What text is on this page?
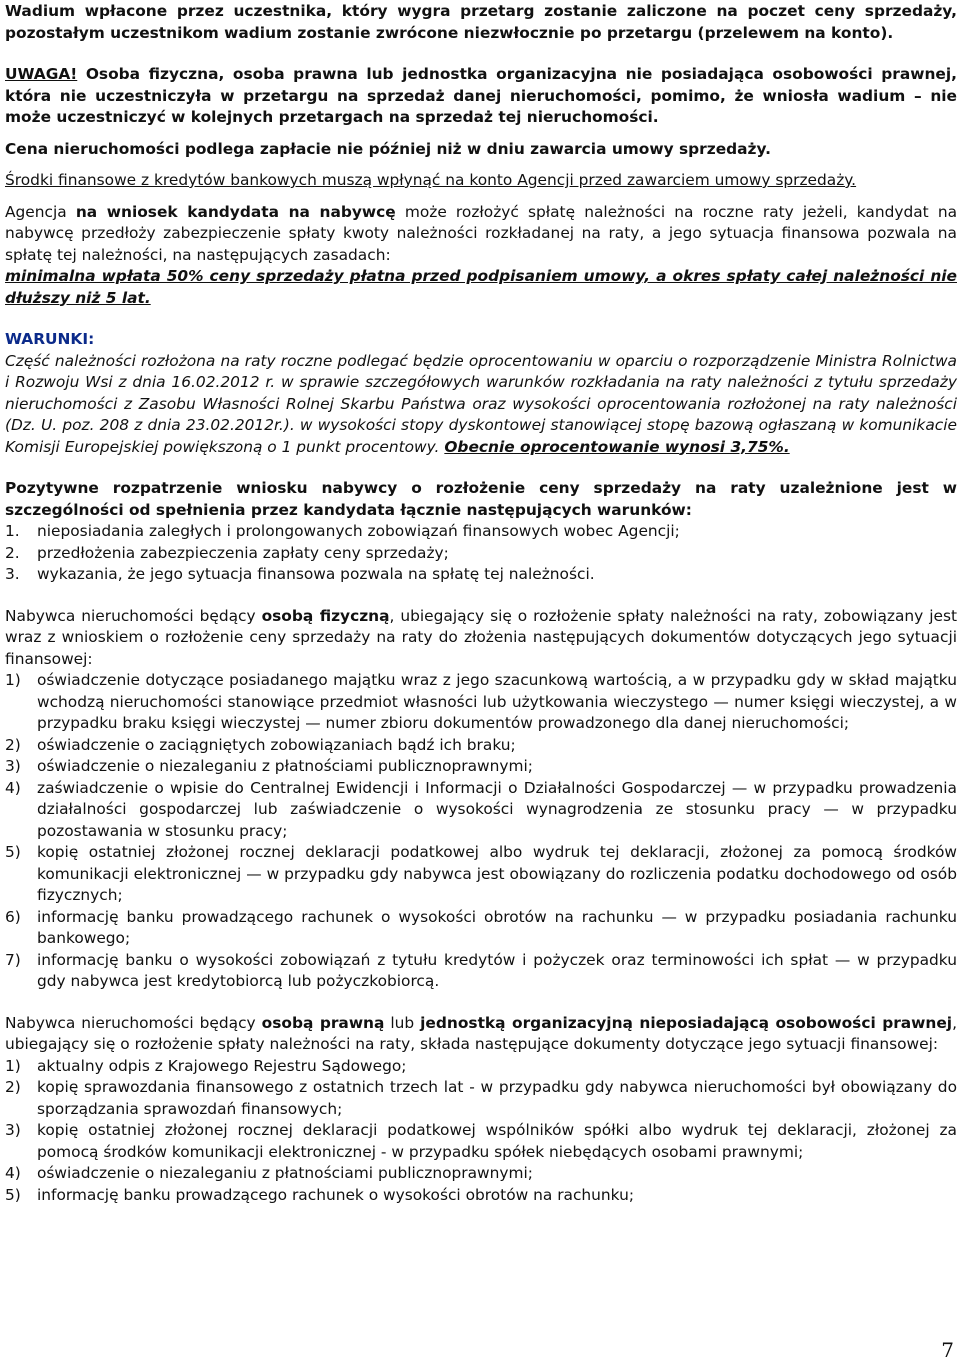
Wadium wpłacone przez uczestnika, który wygra przetarg zostanie zaliczone na poczet ceny sprzedaży, pozostałym uczestnikom wadium zostanie zwrócone niezwłocznie po przetargu (przelewem na konto).

UWAGA! Osoba fizyczna, osoba prawna lub jednostka organizacyjna nie posiadająca osobowości prawnej, która nie uczestniczyła w przetargu na sprzedaż danej nieruchomości, pomimo, że wniosła wadium – nie może uczestniczyć w kolejnych przetargach na sprzedaż tej nieruchomości.

Cena nieruchomości podlega zapłacie nie później niż w dniu zawarcia umowy sprzedaży.

Środki finansowe z kredytów bankowych muszą wpłynąć na konto Agencji przed zawarciem umowy sprzedaży.

Agencja na wniosek kandydata na nabywcę może rozłożyć spłatę należności na roczne raty jeżeli, kandydat na nabywcę przedłoży zabezpieczenie spłaty kwoty należności rozkładanej na raty, a jego sytuacja finansowa pozwala na spłatę tej należności, na następujących zasadach:

minimalna wpłata 50% ceny sprzedaży płatna przed podpisaniem umowy, a okres spłaty całej należności nie dłuższy niż 5 lat.

WARUNKI:

Część należności rozłożona na raty roczne podlegać będzie oprocentowaniu w oparciu o rozporządzenie Ministra Rolnictwa i Rozwoju Wsi z dnia 16.02.2012 r. w sprawie szczegółowych warunków rozkładania na raty należności z tytułu sprzedaży nieruchomości z Zasobu Własności Rolnej Skarbu Państwa oraz wysokości oprocentowania rozłożonej na raty należności (Dz. U. poz. 208 z dnia 23.02.2012r.). w wysokości stopy dyskontowej stanowiącej stopę bazową ogłaszaną w komunikacie Komisji Europejskiej powiększoną o 1 punkt procentowy. Obecnie oprocentowanie wynosi 3,75%.

Pozytywne rozpatrzenie wniosku nabywcy o rozłożenie ceny sprzedaży na raty uzależnione jest w szczególności od spełnienia przez kandydata łącznie następujących warunków:

1.	nieposiadania zaległych i prolongowanych zobowiązań finansowych wobec Agencji;
2.	przedłożenia zabezpieczenia zapłaty ceny sprzedaży;
3.	wykazania, że jego sytuacja finansowa pozwala na spłatę tej należności.

Nabywca nieruchomości będący osobą fizyczną, ubiegający się o rozłożenie spłaty należności na raty, zobowiązany jest wraz z wnioskiem o rozłożenie ceny sprzedaży na raty do złożenia następujących dokumentów dotyczących jego sytuacji finansowej:

1) oświadczenie dotyczące posiadanego majątku wraz z jego szacunkową wartością, a w przypadku gdy w skład majątku wchodzą nieruchomości stanowiące przedmiot własności lub użytkowania wieczystego — numer księgi wieczystej, a w przypadku braku księgi wieczystej — numer zbioru dokumentów prowadzonego dla danej nieruchomości;

2) oświadczenie o zaciągniętych zobowiązaniach bądź ich braku;

3) oświadczenie o niezaleganiu z płatnościami publicznoprawnymi;

4) zaświadczenie o wpisie do Centralnej Ewidencji i Informacji o Działalności Gospodarczej — w przypadku prowadzenia działalności gospodarczej lub zaświadczenie o wysokości wynagrodzenia ze stosunku pracy — w przypadku pozostawania w stosunku pracy;

5) kopię ostatniej złożonej rocznej deklaracji podatkowej albo wydruk tej deklaracji, złożonej za pomocą środków komunikacji elektronicznej — w przypadku gdy nabywca jest obowiązany do rozliczenia podatku dochodowego od osób fizycznych;

6) informację banku prowadzącego rachunek o wysokości obrotów na rachunku — w przypadku posiadania rachunku bankowego;

7) informację banku o wysokości zobowiązań z tytułu kredytów i pożyczek oraz terminowości ich spłat — w przypadku gdy nabywca jest kredytobiorcą lub pożyczkobiorcą.

Nabywca nieruchomości będący osobą prawną lub jednostką organizacyjną nieposiadającą osobowości prawnej, ubiegający się o rozłożenie spłaty należności na raty, składa następujące dokumenty dotyczące jego sytuacji finansowej:

1) aktualny odpis z Krajowego Rejestru Sądowego;

2) kopię sprawozdania finansowego z ostatnich trzech lat - w przypadku gdy nabywca nieruchomości był obowiązany do sporządzania sprawozdań finansowych;

3) kopię ostatniej złożonej rocznej deklaracji podatkowej wspólników spółki albo wydruk tej deklaracji, złożonej za pomocą środków komunikacji elektronicznej - w przypadku spółek niebędących osobami prawnymi;

4) oświadczenie o niezaleganiu z płatnościami publicznoprawnymi;

5) informację banku prowadzącego rachunek o wysokości obrotów na rachunku;

7
